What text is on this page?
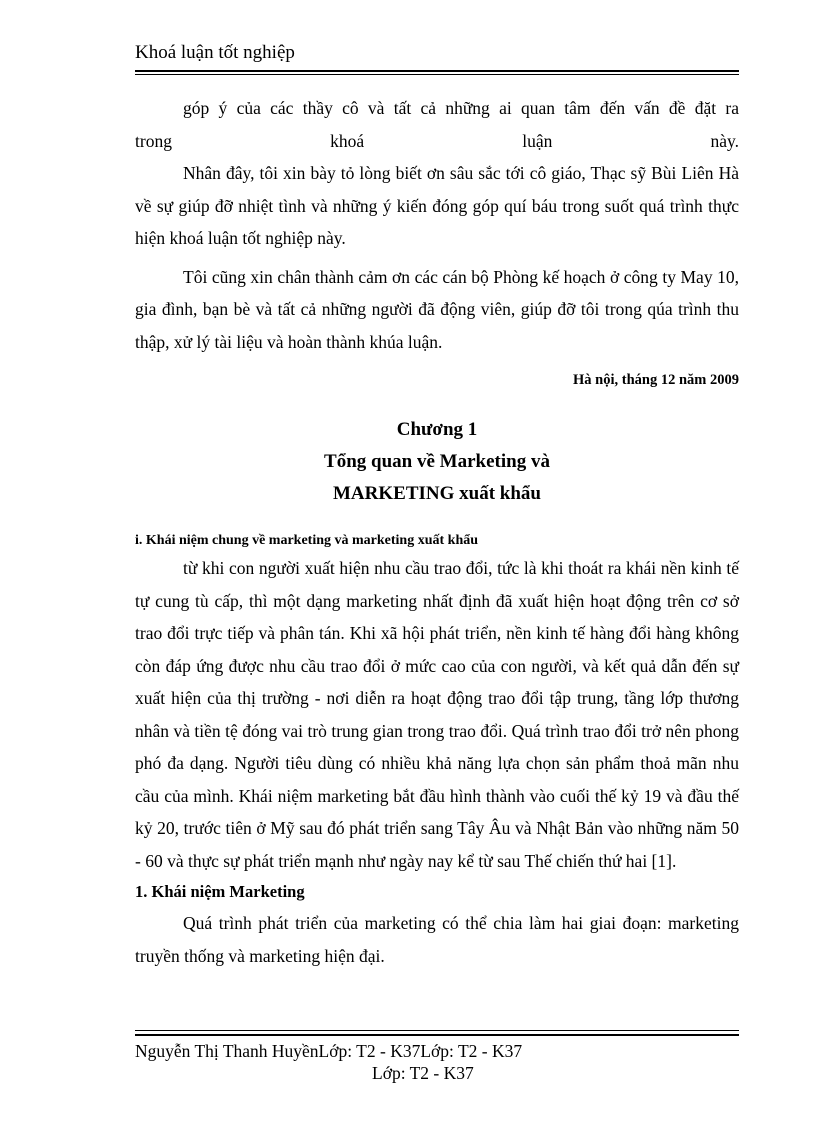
Khoá luận tốt nghiệp

góp ý của các thầy cô và tất cả những ai quan tâm đến vấn đề đặt ra

trong khoá luận này.

Nhân đây, tôi xin bày tỏ lòng biết ơn sâu sắc tới cô giáo, Thạc sỹ Bùi Liên Hà về sự giúp đỡ nhiệt tình và những ý kiến đóng góp quí báu trong suốt quá trình thực hiện khoá luận tốt nghiệp này.

Tôi cũng xin chân thành cảm ơn các cán bộ Phòng kế hoạch ở công ty May 10, gia đình, bạn bè và tất cả những người đã động viên, giúp đỡ tôi trong qúa trình thu thập, xử lý tài liệu và hoàn thành khúa luận.

Hà nội, tháng 12 năm 2009
Chương 1
Tổng quan về Marketing và
MARKETING xuất khẩu
i. Khái niệm chung về marketing và marketing xuất khẩu

từ khi con người xuất hiện nhu cầu trao đổi, tức là khi thoát ra khái nền kinh tế tự cung tù cấp, thì một dạng marketing nhất định đã xuất hiện hoạt động trên cơ sở trao đổi trực tiếp và phân tán. Khi xã hội phát triển, nền kinh tế hàng đổi hàng không còn đáp ứng được nhu cầu trao đổi ở mức cao của con người, và kết quả dẫn đến sự xuất hiện của thị trường - nơi diễn ra hoạt động trao đổi tập trung, tầng lớp thương nhân và tiền tệ đóng vai trò trung gian trong trao đổi. Quá trình trao đổi trở nên phong phó đa dạng. Người tiêu dùng có nhiều khả năng lựa chọn sản phẩm thoả mãn nhu cầu của mình. Khái niệm marketing bắt đầu hình thành vào cuối thế kỷ 19 và đầu thế kỷ 20, trước tiên ở Mỹ sau đó phát triển sang Tây Âu và Nhật Bản vào những năm 50 - 60 và thực sự phát triển mạnh như ngày nay kể từ sau Thế chiến thứ hai [1].

1. Khái niệm Marketing

Quá trình phát triển của marketing có thể chia làm hai giai đoạn: marketing truyền thống và marketing hiện đại.

Nguyễn Thị Thanh HuyềnLớp: T2 - K37Lớp: T2 - K37
Lớp: T2 - K37
